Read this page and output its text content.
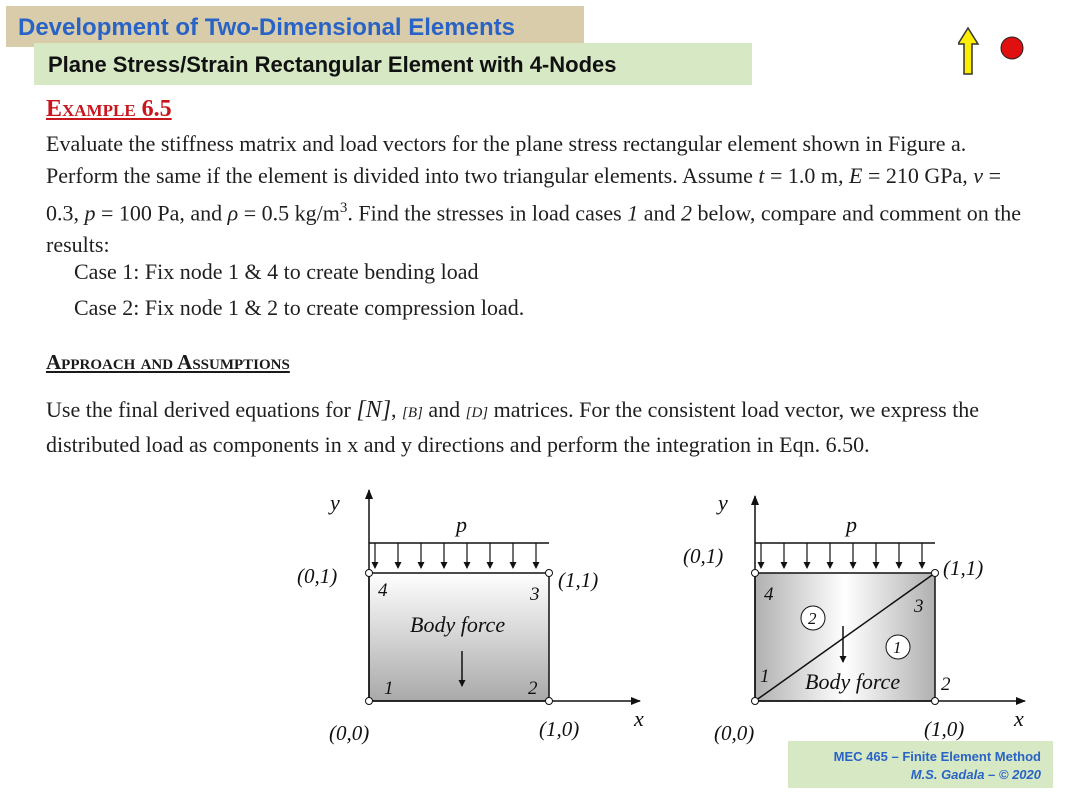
Development of Two-Dimensional Elements
Plane Stress/Strain Rectangular Element with 4-Nodes
Example 6.5
Evaluate the stiffness matrix and load vectors for the plane stress rectangular element shown in Figure a. Perform the same if the element is divided into two triangular elements. Assume t = 1.0 m, E = 210 GPa, ν = 0.3, p = 100 Pa, and ρ = 0.5 $kg/m^3$. Find the stresses in load cases 1 and 2 below, compare and comment on the results:
Case 1: Fix node 1 & 4 to create bending load
Case 2: Fix node 1 & 2 to create compression load.
Approach and Assumptions
Use the final derived equations for [N], [B] and [D] matrices. For the consistent load vector, we express the distributed load as components in x and y directions and perform the integration in Eqn. 6.50.
y
x
p
(0,1)	(1,1)
(0,0)	(1,0)
4	3
1	2
Body force
y
x
p
(0,1)	(1,1)
(0,0)	(1,0)
4
3
1	2
2
1
Body force
MEC 465 – Finite Element Method
M.S. Gadala – © 2020
